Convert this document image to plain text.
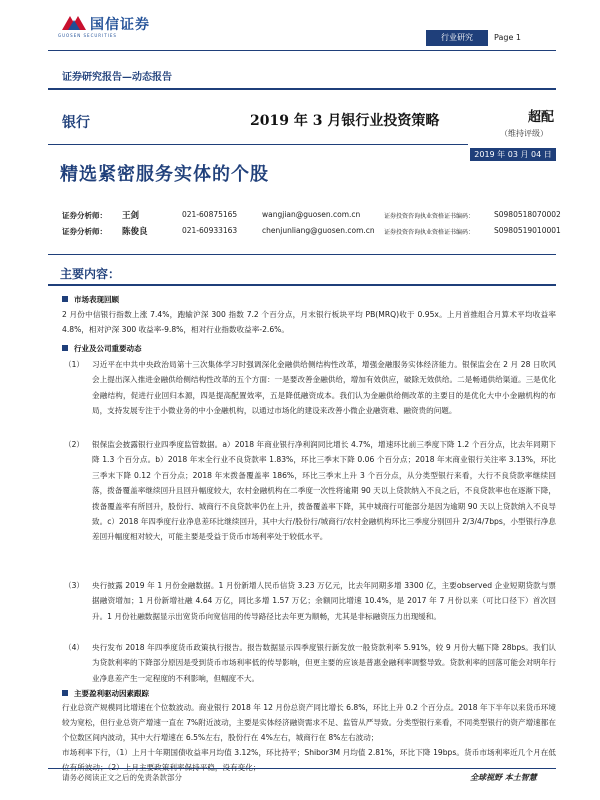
国信证券
GUOSEN SECURITIES	行业研究	Page 1
证券研究报告—动态报告
银行	2019 年 3 月银行业投资策略	超配
（维持评级）
2019 年 03 月 04 日
精选紧密服务实体的个股
证券分析师： 王剑	021-60875165	wangjian@guosen.com.cn	证券投资咨询执业资格证书编码：	S0980518070002
证券分析师： 陈俊良	021-60933163	chenjunliang@guosen.com.cn 证券投资咨询执业资格证书编码：	S0980519010001
主要内容：
市场表现回顾
2 月份中信银行指数上涨 7.4%，跑输沪深 300 指数 7.2 个百分点，月末银行板块平均 PB(MRQ)收于 0.95x。上月首推组合月算术平均收益率 4.8%，相对沪深 300 收益率-9.8%，相对行业指数收益率-2.6%。
行业及公司重要动态
（1） 习近平在中共中央政治局第十三次集体学习时强调深化金融供给侧结构性改革，增强金融服务实体经济能力。银保监会在 2 月 28 日吹风会上提出深入推进金融供给侧结构性改革的五个方面：一是要改善金融供给，增加有效供应，破除无效供给。二是畅通供给渠道。三是优化金融结构，促进行业回归本源，四是提高配置效率，五是降低融资成本。我们认为金融供给侧改革的主要目的是优化大中小金融机构的布局，支持发展专注于小微业务的中小金融机构，以通过市场化的建设来改善小微企业融资难、融资贵的问题。
（2） 银保监会披露银行业四季度监管数据。a）2018 年商业银行净利润同比增长 4.7%，增速环比前三季度下降 1.2 个百分点，比去年同期下降 1.3 个百分点。b）2018 年末全行业不良贷款率 1.83%，环比三季末下降 0.06 个百分点；2018 年末商业银行关注率 3.13%，环比三季末下降 0.12 个百分点；2018 年末拨备覆盖率 186%，环比三季末上升 3 个百分点，从分类型银行来看，大行不良贷款率继续回落，拨备覆盖率继续回升且回升幅度较大，农村金融机构在二季度一次性将逾期 90 天以上贷款纳入不良之后，不良贷款率也在逐渐下降，拨备覆盖率有所回升，股份行、城商行不良贷款率仍在上升，拨备覆盖率下降，其中城商行可能部分是因为逾期 90 天以上贷款纳入不良导致。c）2018 年四季度行业净息差环比继续回升，其中大行/股份行/城商行/农村金融机构环比三季度分别回升 2/3/4/7bps，小型银行净息差回升幅度相对较大，可能主要是受益于货币市场利率处于较低水平。
（3） 央行披露 2019 年 1 月份金融数据。1 月份新增人民币信贷 3.23 万亿元，比去年同期多增 3300 亿，主要observed 企业短期贷款与票据融资增加；1 月份新增社融 4.64 万亿，同比多增 1.57 万亿；余额同比增速 10.4%，是 2017 年 7 月份以来（可比口径下）首次回升。1 月份社融数据显示出宽货币向宽信用的传导路径比去年更为顺畅，尤其是非标融资压力出现缓和。
（4） 央行发布 2018 年四季度货币政策执行报告。报告数据显示四季度银行新发放一般贷款利率 5.91%，较 9 月份大幅下降 28bps。我们认为贷款利率的下降部分原因是受到货币市场利率低的传导影响，但更主要的应该是普惠金融利率调整导致。贷款利率的回落可能会对明年行业净息差产生一定程度的不利影响，但幅度不大。
主要盈利驱动因素跟踪
行业总资产规模同比增速在个位数波动。商业银行 2018 年 12 月份总资产同比增长 6.8%，环比上升 0.2 个百分点。2018 年下半年以来货币环境较为宽松，但行业总资产增速一直在 7%附近波动，主要是实体经济融资需求不足、监管从严导致。分类型银行来看，不同类型银行的资产增速都在个位数区间内波动，其中大行增速在 6.5%左右，股份行在 4%左右，城商行在 8%左右波动；
市场利率下行，（1）上月十年期国债收益率月均值 3.12%，环比持平；Shibor3M 月均值 2.81%，环比下降 19bps。货币市场利率近几个月在低
请务必阅读正文之后的免责条款部分	全球视野 本土智慧
